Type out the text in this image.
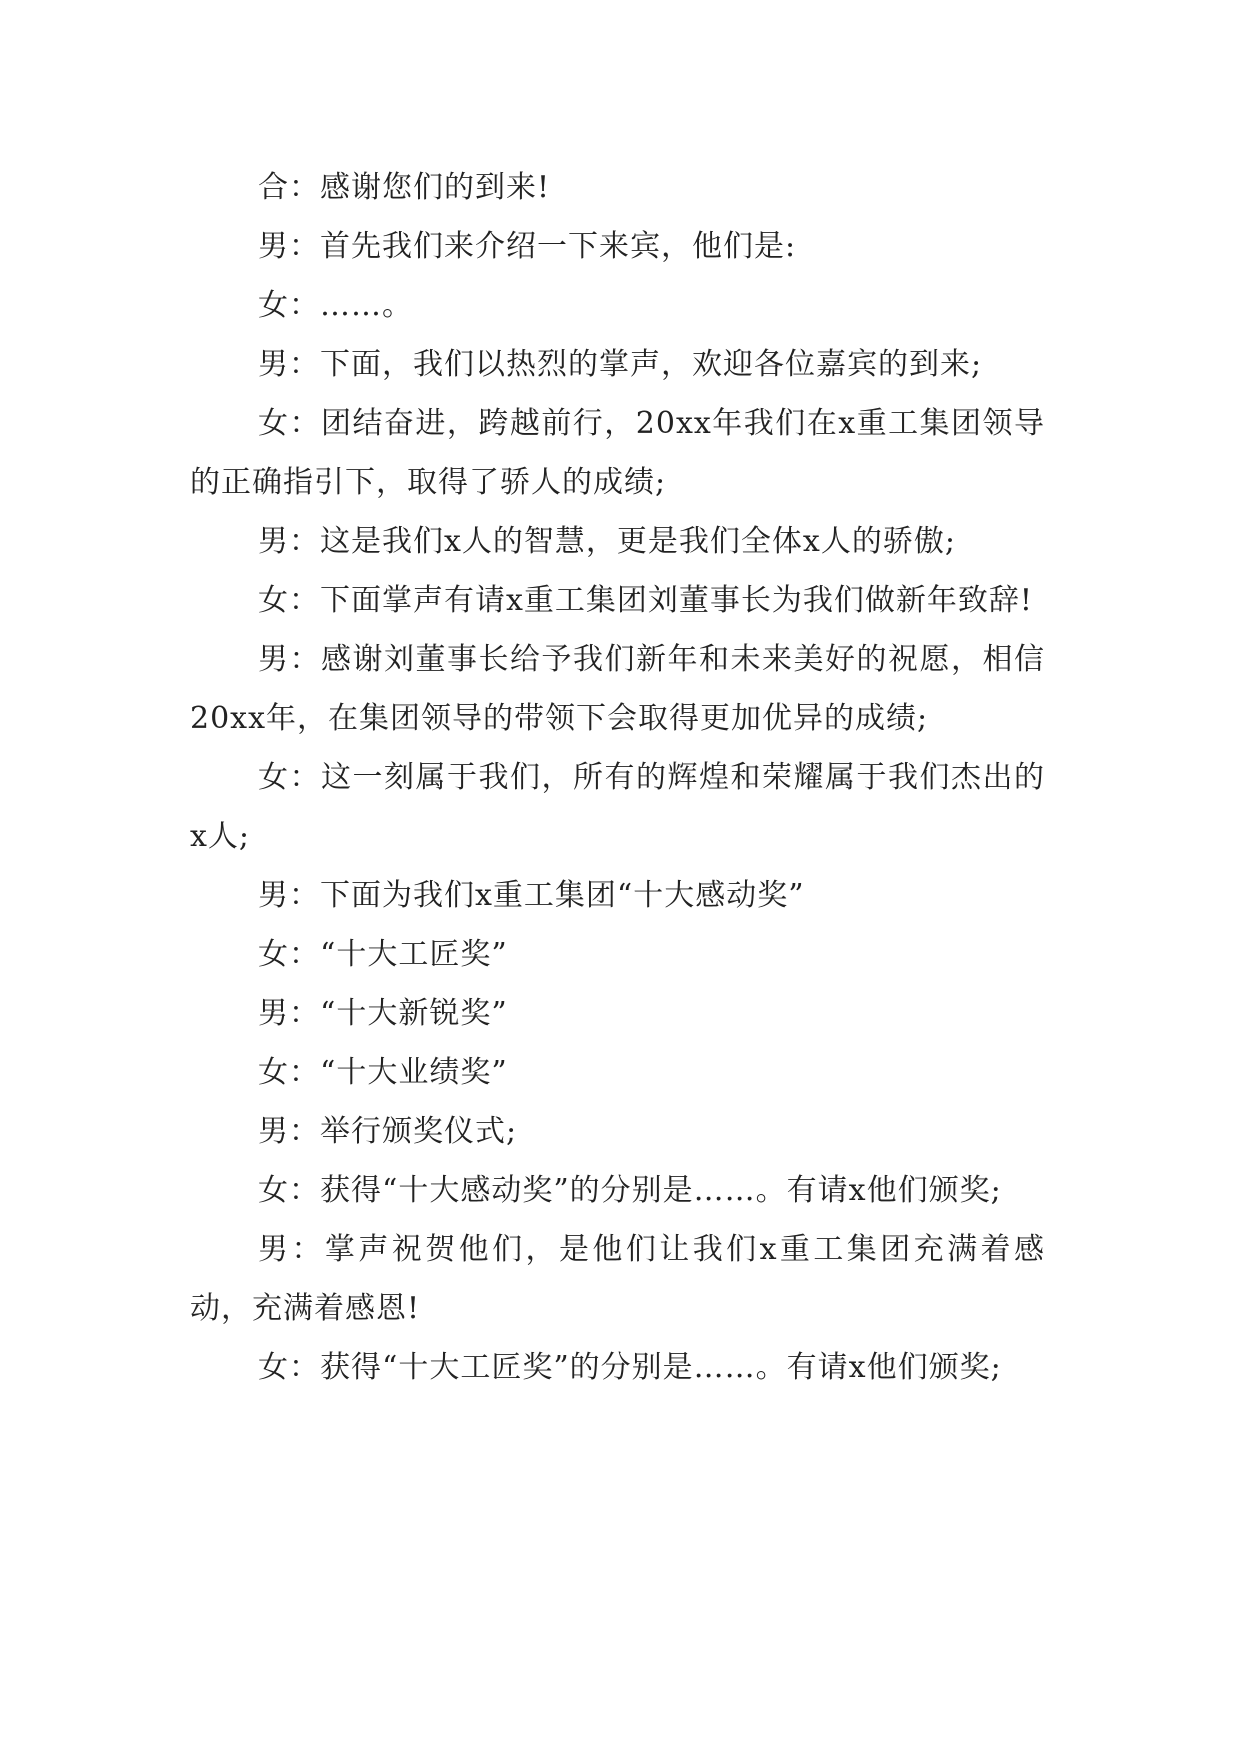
合：感谢您们的到来!

男：首先我们来介绍一下来宾，他们是:

女：……。

男：下面，我们以热烈的掌声，欢迎各位嘉宾的到来;

女：团结奋进，跨越前行，20xx年我们在x重工集团领导的正确指引下，取得了骄人的成绩;

男：这是我们x人的智慧，更是我们全体x人的骄傲;

女：下面掌声有请x重工集团刘董事长为我们做新年致辞!

男：感谢刘董事长给予我们新年和未来美好的祝愿，相信20xx年，在集团领导的带领下会取得更加优异的成绩;

女：这一刻属于我们，所有的辉煌和荣耀属于我们杰出的x人;

男：下面为我们x重工集团“十大感动奖”

女：“十大工匠奖”

男：“十大新锐奖”

女：“十大业绩奖”

男：举行颁奖仪式;

女：获得“十大感动奖”的分别是……。有请x他们颁奖;

男：掌声祝贺他们，是他们让我们x重工集团充满着感动，充满着感恩!

女：获得“十大工匠奖”的分别是……。有请x他们颁奖;
